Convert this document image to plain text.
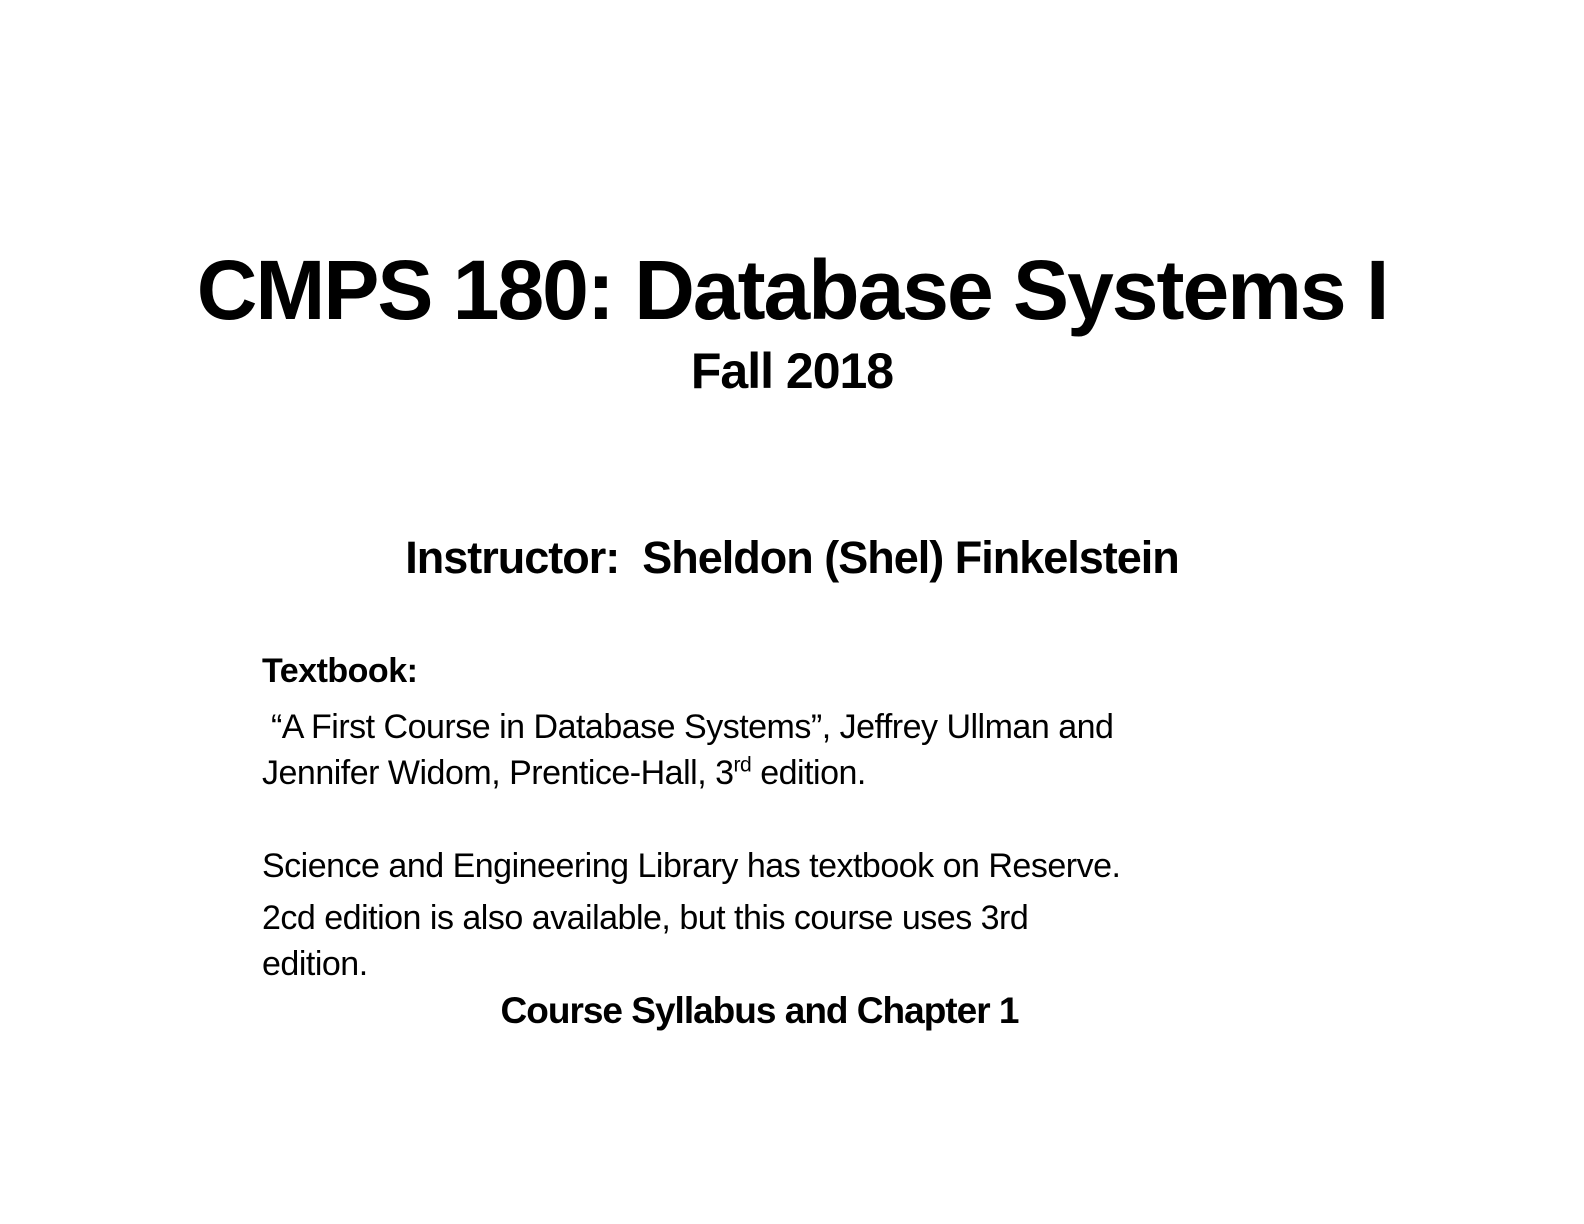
CMPS 180: Database Systems I
Fall 2018
Instructor:  Sheldon (Shel) Finkelstein
Textbook:
“A First Course in Database Systems”, Jeffrey Ullman and
Jennifer Widom, Prentice-Hall, 3rd edition.
Science and Engineering Library has textbook on Reserve.
2cd edition is also available, but this course uses 3rd
edition.
Course Syllabus and Chapter 1
